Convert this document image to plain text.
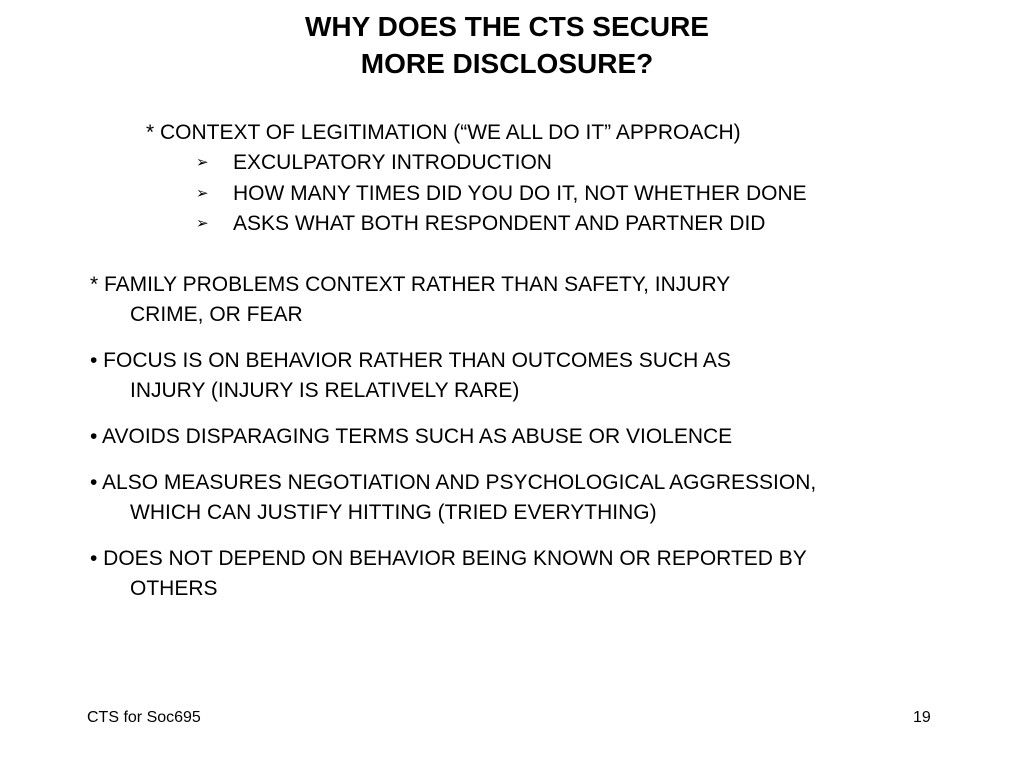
WHY DOES THE CTS SECURE
MORE DISCLOSURE?
* CONTEXT OF LEGITIMATION (“WE ALL DO IT” APPROACH)
➢ EXCULPATORY INTRODUCTION
➢ HOW MANY TIMES DID YOU DO IT, NOT WHETHER DONE
➢ ASKS WHAT BOTH RESPONDENT AND PARTNER DID
* FAMILY PROBLEMS CONTEXT RATHER THAN SAFETY, INJURY
CRIME, OR FEAR
• FOCUS IS ON BEHAVIOR RATHER THAN OUTCOMES SUCH AS
INJURY (INJURY IS RELATIVELY RARE)
• AVOIDS DISPARAGING TERMS SUCH AS ABUSE OR VIOLENCE
• ALSO MEASURES NEGOTIATION AND PSYCHOLOGICAL AGGRESSION,
WHICH CAN JUSTIFY HITTING (TRIED EVERYTHING)
• DOES NOT DEPEND ON BEHAVIOR BEING KNOWN OR REPORTED BY
OTHERS
CTS for Soc695	19
